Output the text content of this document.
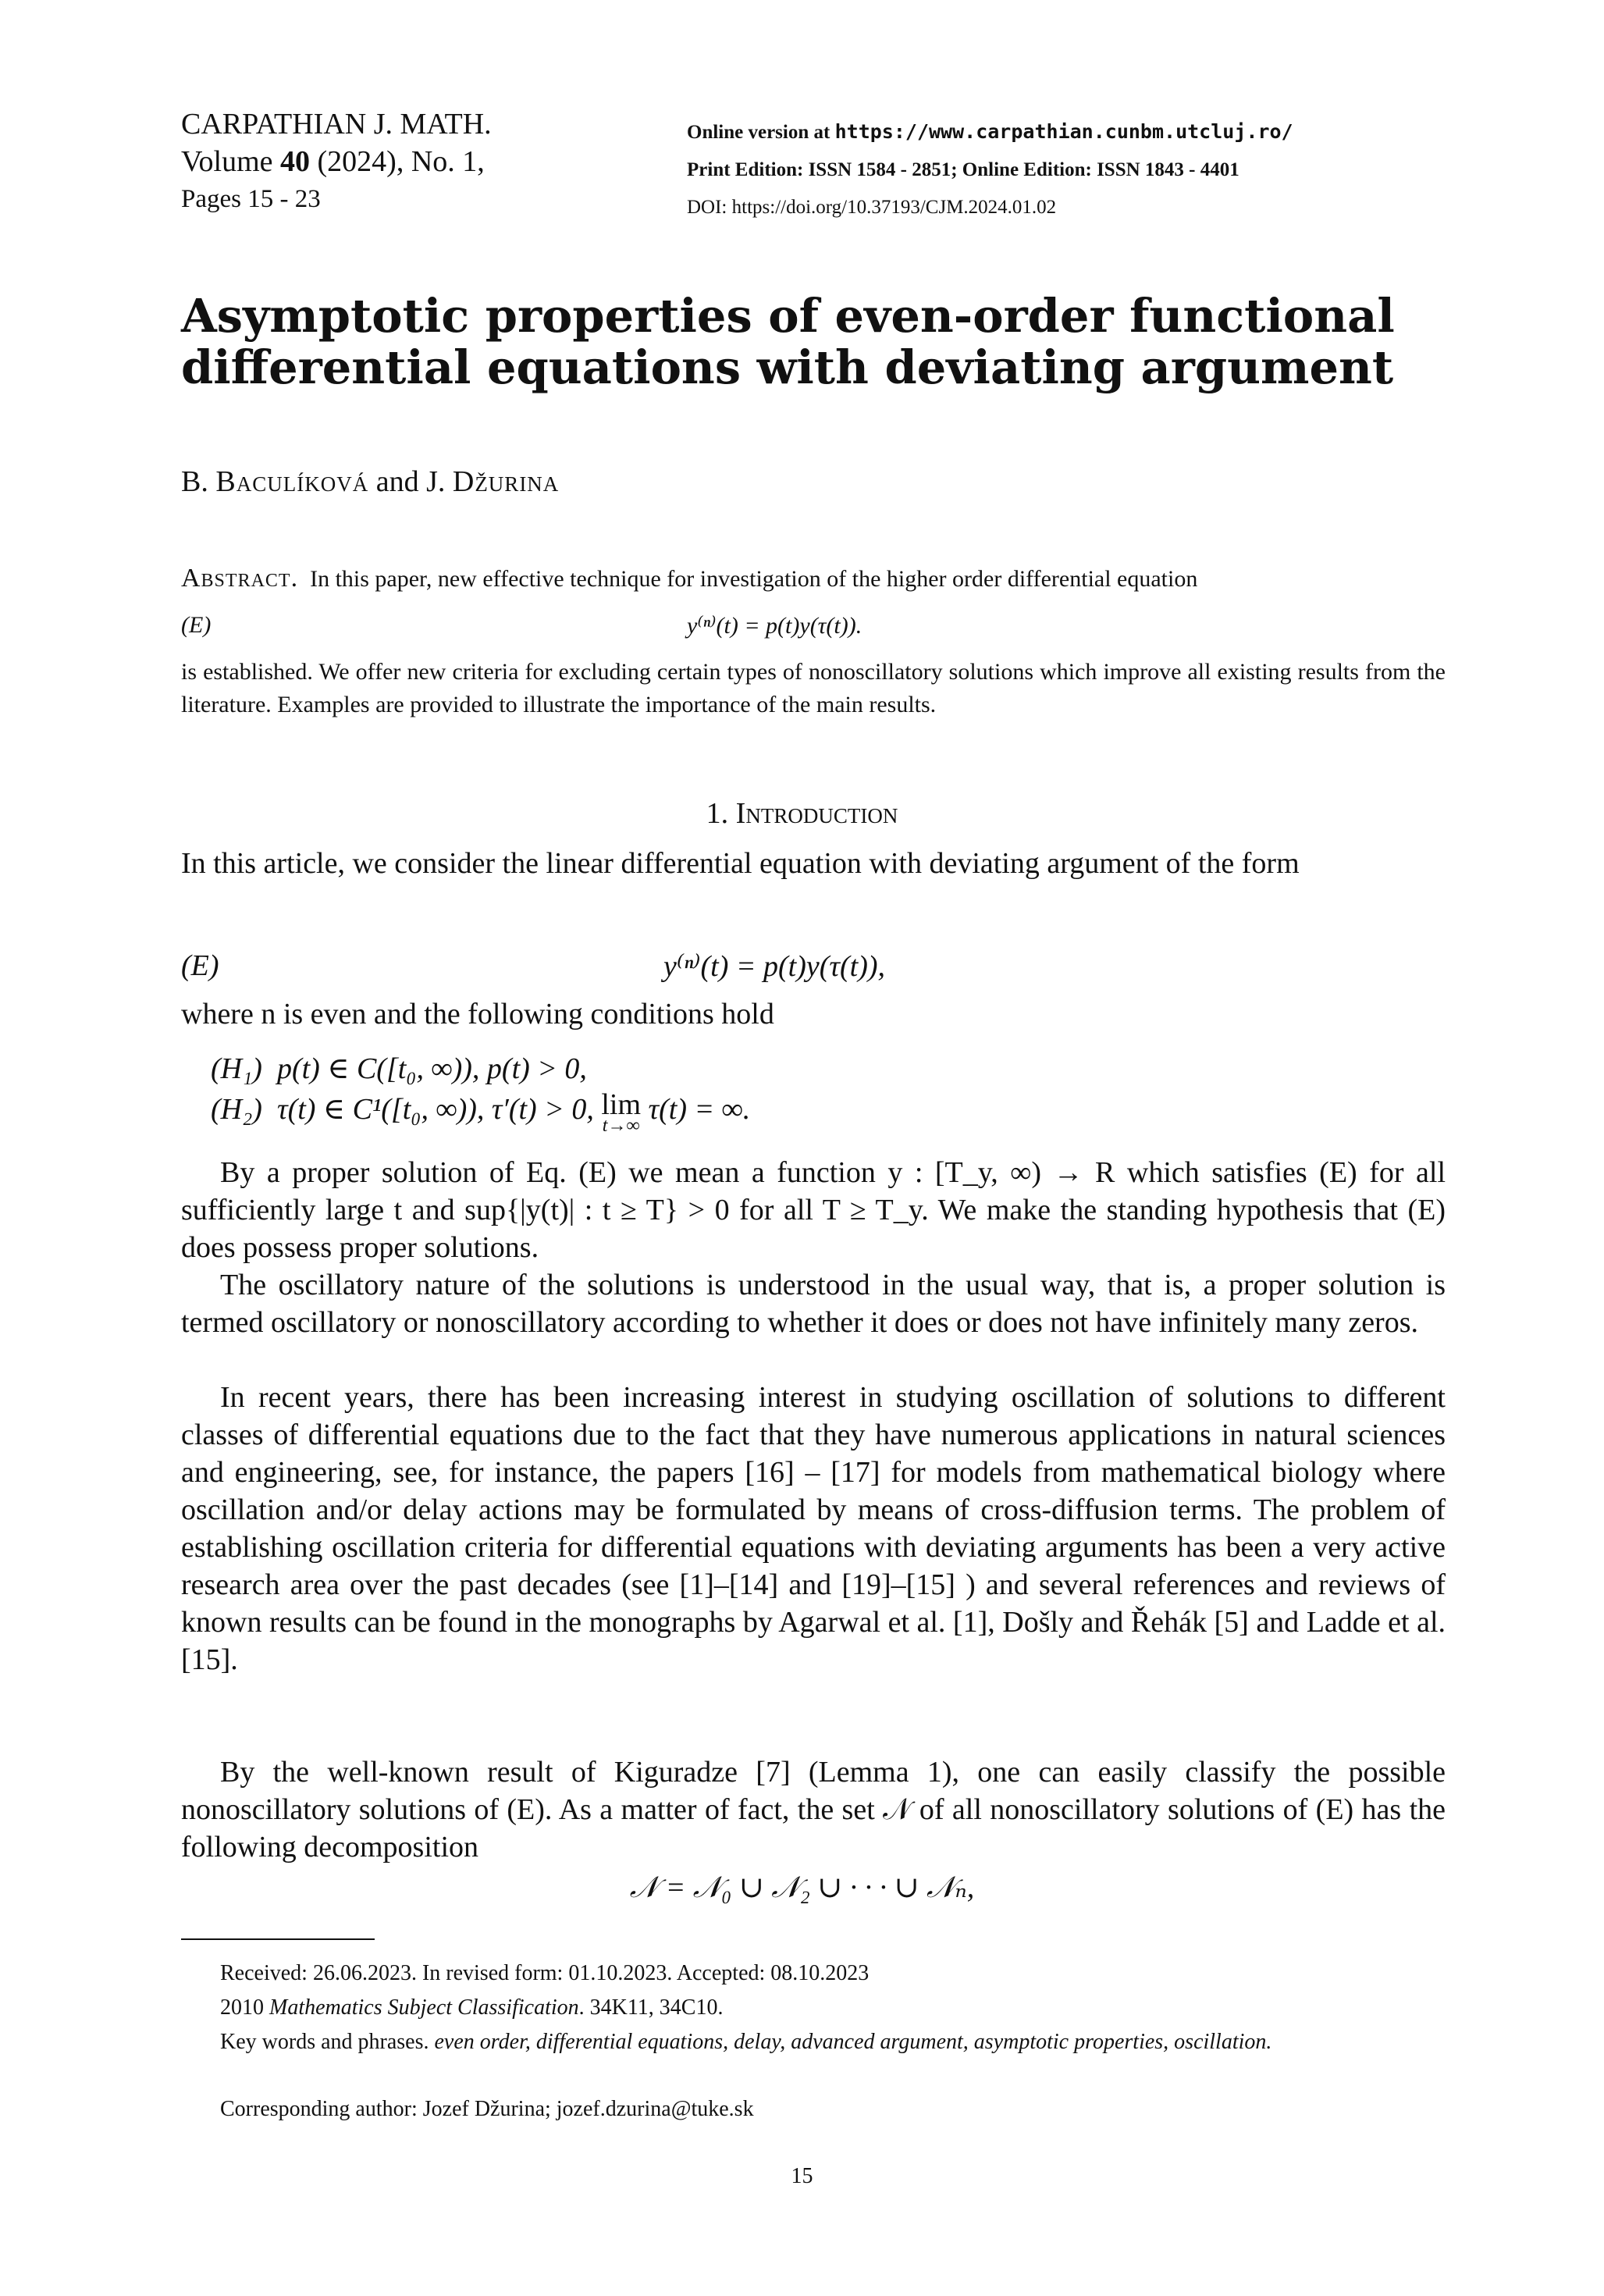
CARPATHIAN J. MATH.
Volume 40 (2024), No. 1,
Pages 15 - 23
Online version at https://www.carpathian.cunbm.utcluj.ro/
Print Edition: ISSN 1584 - 2851; Online Edition: ISSN 1843 - 4401
DOI: https://doi.org/10.37193/CJM.2024.01.02
Asymptotic properties of even-order functional differential equations with deviating argument
B. Baculíková and J. Džurina
Abstract. In this paper, new effective technique for investigation of the higher order differential equation
(E)	y⁽ⁿ⁾(t) = p(t)y(τ(t)).
is established. We offer new criteria for excluding certain types of nonoscillatory solutions which improve all existing results from the literature. Examples are provided to illustrate the importance of the main results.
1. Introduction
In this article, we consider the linear differential equation with deviating argument of the form
(E)	y⁽ⁿ⁾(t) = p(t)y(τ(t)),
where n is even and the following conditions hold
(H₁) p(t) ∈ C([t₀, ∞)), p(t) > 0,
(H₂) τ(t) ∈ C¹([t₀, ∞)), τ′(t) > 0, lim
t→∞ τ(t) = ∞.
By a proper solution of Eq. (E) we mean a function y : [T_y, ∞) → R which satisfies (E) for all sufficiently large t and sup{|y(t)| : t ≥ T} > 0 for all T ≥ T_y. We make the standing hypothesis that (E) does possess proper solutions.
The oscillatory nature of the solutions is understood in the usual way, that is, a proper solution is termed oscillatory or nonoscillatory according to whether it does or does not have infinitely many zeros.
In recent years, there has been increasing interest in studying oscillation of solutions to different classes of differential equations due to the fact that they have numerous applications in natural sciences and engineering, see, for instance, the papers [16] – [17] for models from mathematical biology where oscillation and/or delay actions may be formulated by means of cross-diffusion terms. The problem of establishing oscillation criteria for differential equations with deviating arguments has been a very active research area over the past decades (see [1]–[14] and [19]–[15] ) and several references and reviews of known results can be found in the monographs by Agarwal et al. [1], Došly and Řehák [5] and Ladde et al. [15].
By the well-known result of Kiguradze [7] (Lemma 1), one can easily classify the possible nonoscillatory solutions of (E). As a matter of fact, the set 𝒩 of all nonoscillatory solutions of (E) has the following decomposition
𝒩 = 𝒩₀ ∪ 𝒩₂ ∪ · · · ∪ 𝒩ₙ,
Received: 26.06.2023. In revised form: 01.10.2023. Accepted: 08.10.2023
2010 Mathematics Subject Classification. 34K11, 34C10.
Key words and phrases. even order, differential equations, delay, advanced argument, asymptotic properties, oscillation.
Corresponding author: Jozef Džurina; jozef.dzurina@tuke.sk
15
